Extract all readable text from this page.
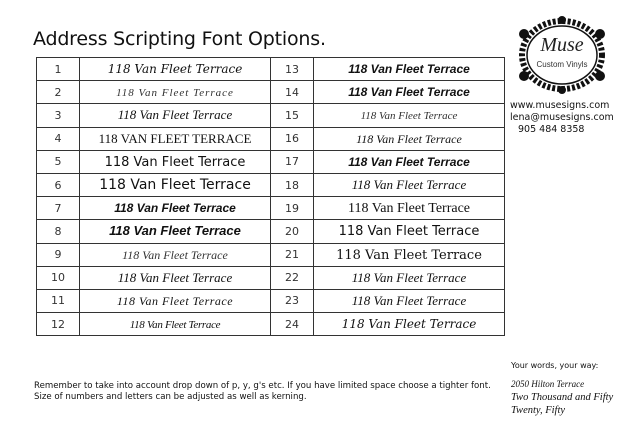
Address Scripting Font Options.	Muse
Custom Vinyls
www.musesigns.com
lena@musesigns.com
905 484 8358
1	118 Van Fleet Terrace	13	118 Van Fleet Terrace
2	118 Van Fleet Terrace	14	118 Van Fleet Terrace
3	118 Van Fleet Terrace	15	118 Van Fleet Terrace
4	118 VAN FLEET TERRACE	16	118 Van Fleet Terrace
5	118 Van Fleet Terrace	17	118 Van Fleet Terrace
6	118 Van Fleet Terrace	18	118 Van Fleet Terrace
7	118 Van Fleet Terrace	19	118 Van Fleet Terrace
8	118 Van Fleet Terrace	20	118 Van Fleet Terrace
9	118 Van Fleet Terrace	21	118 Van Fleet Terrace
10	118 Van Fleet Terrace	22	118 Van Fleet Terrace
11	118 Van Fleet Terrace	23	118 Van Fleet Terrace
12	118 Van Fleet Terrace	24	118 Van Fleet Terrace
Remember to take into account drop down of p, y, g's etc. If you have limited space choose a tighter font.
Size of numbers and letters can be adjusted as well as kerning.
Your words, your way:
2050 Hilton Terrace
Two Thousand and Fifty
Twenty, Fifty
